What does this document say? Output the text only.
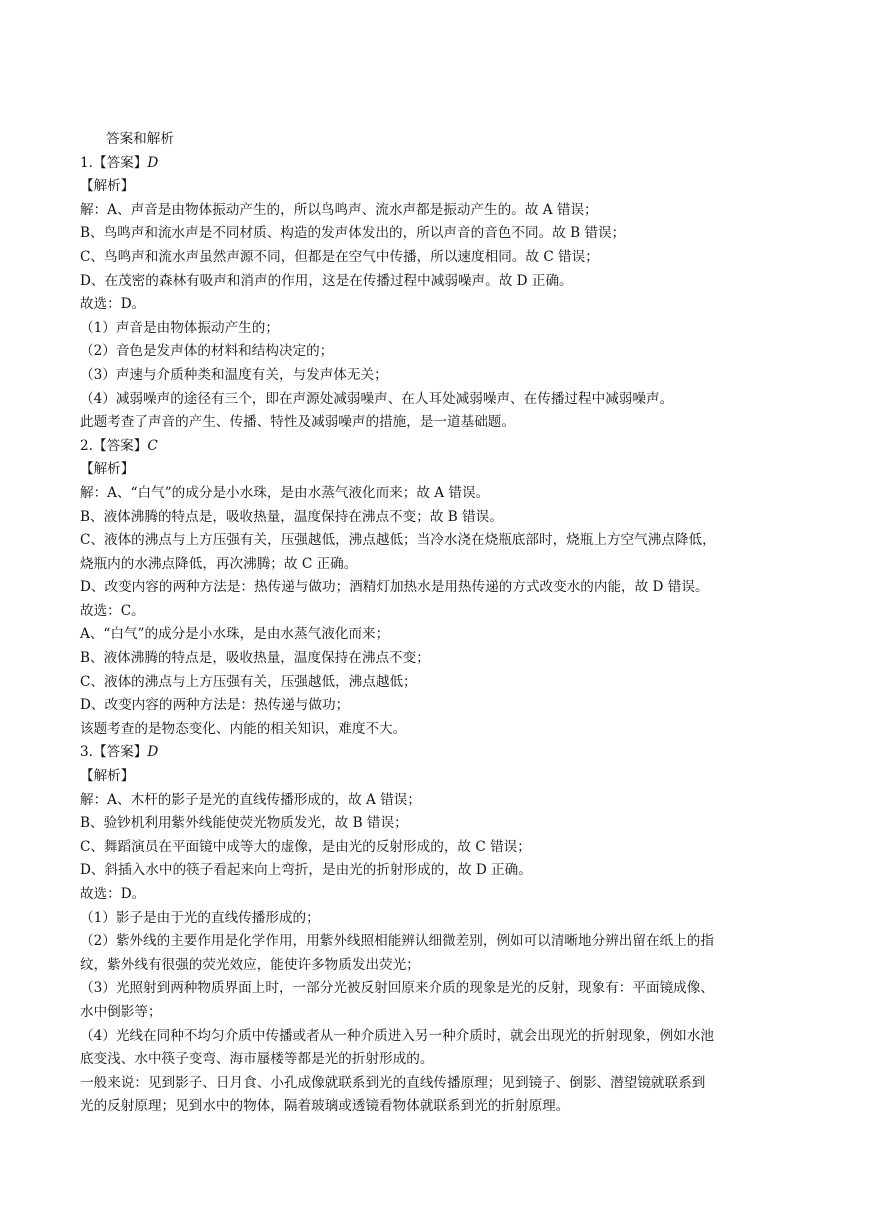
答案和解析

1.【答案】D

【解析】

解：A、声音是由物体振动产生的，所以鸟鸣声、流水声都是振动产生的。故 A 错误；

B、鸟鸣声和流水声是不同材质、构造的发声体发出的，所以声音的音色不同。故 B 错误；

C、鸟鸣声和流水声虽然声源不同，但都是在空气中传播，所以速度相同。故 C 错误；

D、在茂密的森林有吸声和消声的作用，这是在传播过程中减弱噪声。故 D 正确。

故选：D。

（1）声音是由物体振动产生的；

（2）音色是发声体的材料和结构决定的；

（3）声速与介质种类和温度有关，与发声体无关；

（4）减弱噪声的途径有三个，即在声源处减弱噪声、在人耳处减弱噪声、在传播过程中减弱噪声。

此题考查了声音的产生、传播、特性及减弱噪声的措施，是一道基础题。

2.【答案】C

【解析】

解：A、“白气”的成分是小水珠，是由水蒸气液化而来；故 A 错误。

B、液体沸腾的特点是，吸收热量，温度保持在沸点不变；故 B 错误。

C、液体的沸点与上方压强有关，压强越低，沸点越低；当冷水浇在烧瓶底部时，烧瓶上方空气沸点降低，

烧瓶内的水沸点降低，再次沸腾；故 C 正确。

D、改变内容的两种方法是：热传递与做功；酒精灯加热水是用热传递的方式改变水的内能，故 D 错误。

故选：C。

A、“白气”的成分是小水珠，是由水蒸气液化而来；

B、液体沸腾的特点是，吸收热量，温度保持在沸点不变；

C、液体的沸点与上方压强有关，压强越低，沸点越低；

D、改变内容的两种方法是：热传递与做功；

该题考查的是物态变化、内能的相关知识，难度不大。

3.【答案】D

【解析】

解：A、木杆的影子是光的直线传播形成的，故 A 错误；

B、验钞机利用紫外线能使荧光物质发光，故 B 错误；

C、舞蹈演员在平面镜中成等大的虚像，是由光的反射形成的，故 C 错误；

D、斜插入水中的筷子看起来向上弯折，是由光的折射形成的，故 D 正确。

故选：D。

（1）影子是由于光的直线传播形成的；

（2）紫外线的主要作用是化学作用，用紫外线照相能辨认细微差别，例如可以清晰地分辨出留在纸上的指

纹，紫外线有很强的荧光效应，能使许多物质发出荧光；

（3）光照射到两种物质界面上时，一部分光被反射回原来介质的现象是光的反射，现象有：平面镜成像、

水中倒影等；

（4）光线在同种不均匀介质中传播或者从一种介质进入另一种介质时，就会出现光的折射现象，例如水池

底变浅、水中筷子变弯、海市蜃楼等都是光的折射形成的。

一般来说：见到影子、日月食、小孔成像就联系到光的直线传播原理；见到镜子、倒影、潜望镜就联系到

光的反射原理；见到水中的物体，隔着玻璃或透镜看物体就联系到光的折射原理。
